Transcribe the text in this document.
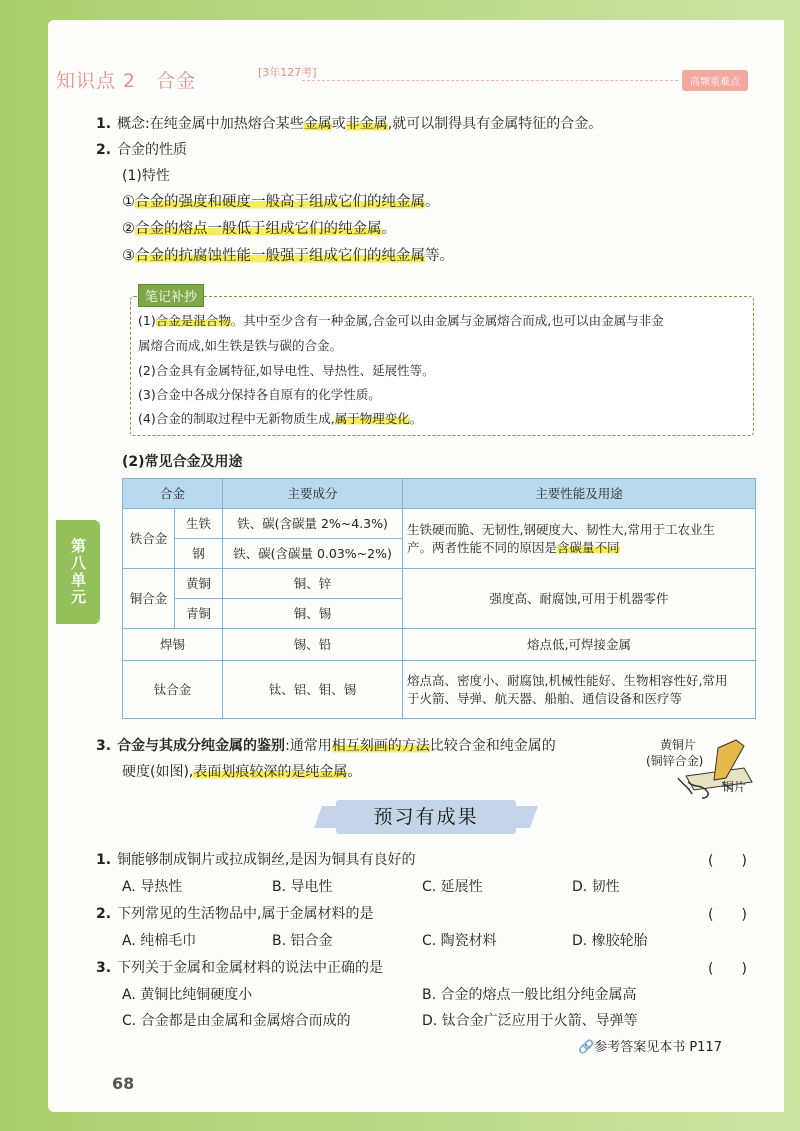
知识点 2　合金	[3年127考]
高频重难点
1. 概念:在纯金属中加热熔合某些金属或非金属,就可以制得具有金属特征的合金。
2. 合金的性质
(1)特性
①合金的强度和硬度一般高于组成它们的纯金属。
②合金的熔点一般低于组成它们的纯金属。
③合金的抗腐蚀性能一般强于组成它们的纯金属等。
笔记补抄
(1)合金是混合物。其中至少含有一种金属,合金可以由金属与金属熔合而成,也可以由金属与非金
属熔合而成,如生铁是铁与碳的合金。
(2)合金具有金属特征,如导电性、导热性、延展性等。
(3)合金中各成分保持各自原有的化学性质。
(4)合金的制取过程中无新物质生成,属于物理变化。
第八单元
(2)常见合金及用途
合金		主要成分	主要性能及用途
铁合金	生铁	铁、碳(含碳量 2%~4.3%)	生铁硬而脆、无韧性,钢硬度大、韧性大,常用于工农业生
产。两者性能不同的原因是含碳量不同

	钢	铁、碳(含碳量 0.03%~2%)	
铜合金	黄铜	铜、锌	强度高、耐腐蚀,可用于机器零件
	青铜	铜、锡	
焊锡		锡、铅	熔点低,可焊接金属
钛合金		钛、铝、钼、锡	熔点高、密度小、耐腐蚀,机械性能好、生物相容性好,常用
于火箭、导弹、航天器、船舶、通信设备和医疗等
3. 合金与其成分纯金属的鉴别:通常用相互刻画的方法比较合金和纯金属的
硬度(如图),表面划痕较深的是纯金属。
黄铜片
(铜锌合金)
铜片
预习有成果
1. 铜能够制成铜片或拉成铜丝,是因为铜具有良好的	(　　)
A. 导热性	B. 导电性	C. 延展性	D. 韧性
2. 下列常见的生活物品中,属于金属材料的是	(　　)
A. 纯棉毛巾	B. 铝合金	C. 陶瓷材料	D. 橡胶轮胎
3. 下列关于金属和金属材料的说法中正确的是	(　　)
A. 黄铜比纯铜硬度小	B. 合金的熔点一般比组分纯金属高
C. 合金都是由金属和金属熔合而成的	D. 钛合金广泛应用于火箭、导弹等
🔗参考答案见本书 P117
68
